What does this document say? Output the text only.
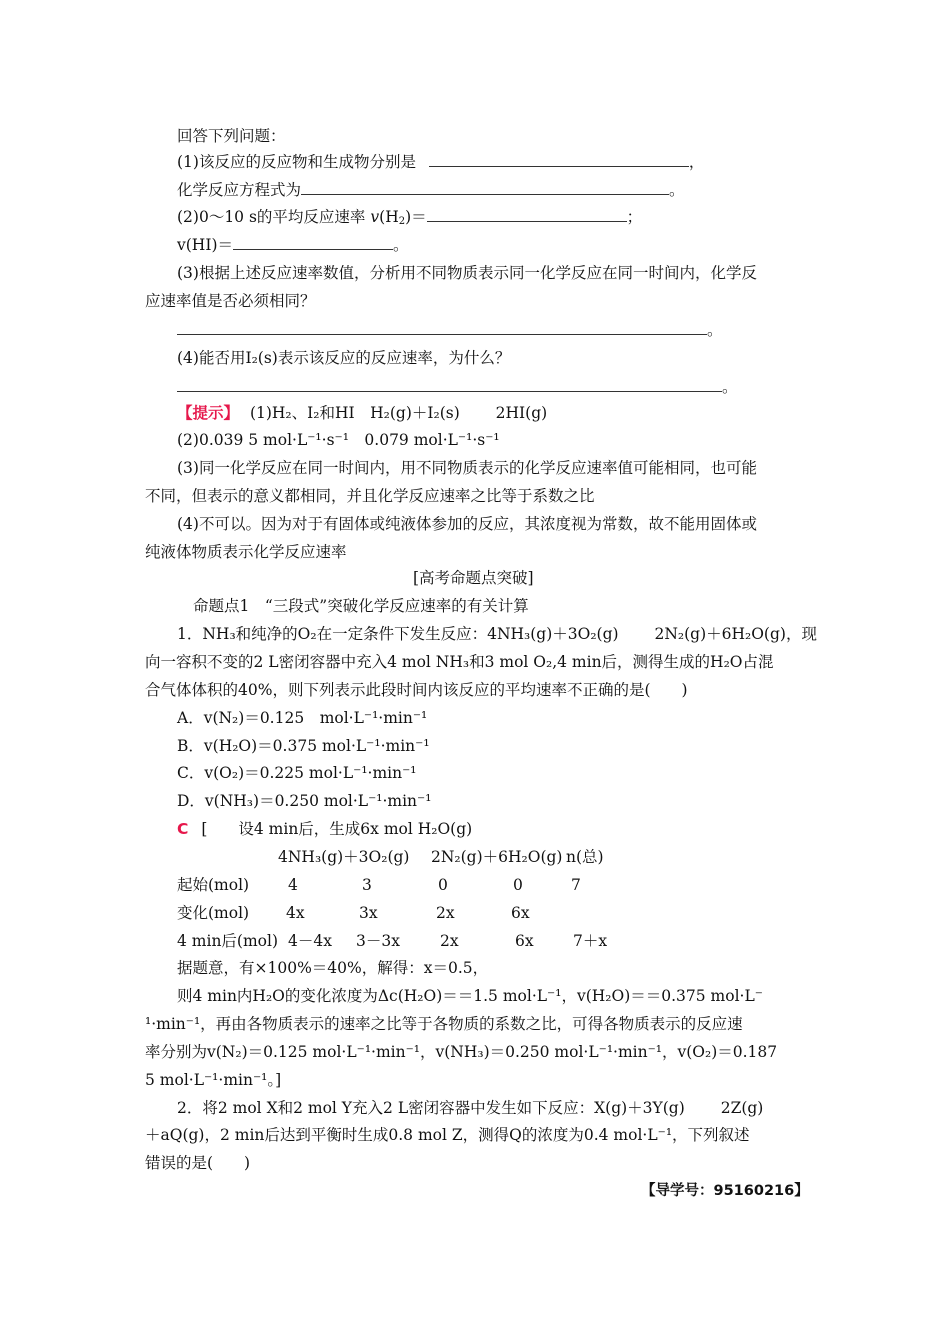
回答下列问题：
(1)该反应的反应物和生成物分别是	，
化学反应方程式为	。
(2)0～10 s的平均反应速率 $v(H_2)=$	；
v(HI)＝	。
(3)根据上述反应速率数值，分析用不同物质表示同一化学反应在同一时间内，化学反
应速率值是否必须相同？
。
(4)能否用I₂(s)表示该反应的反应速率，为什么？
。
【提示】 (1)H₂、I₂和HI　H₂(g)＋I₂(s)　　 2HI(g)
(2)0.039 5 mol·L⁻¹·s⁻¹　0.079 mol·L⁻¹·s⁻¹
(3)同一化学反应在同一时间内，用不同物质表示的化学反应速率值可能相同，也可能
不同，但表示的意义都相同，并且化学反应速率之比等于系数之比
(4)不可以。因为对于有固体或纯液体参加的反应，其浓度视为常数，故不能用固体或
纯液体物质表示化学反应速率
[高考命题点突破]
命题点1　“三段式”突破化学反应速率的有关计算
1．NH₃和纯净的O₂在一定条件下发生反应：4NH₃(g)＋3O₂(g)　　 2N₂(g)＋6H₂O(g)，现
向一容积不变的2 L密闭容器中充入4 mol NH₃和3 mol O₂,4 min后，测得生成的H₂O占混
合气体体积的40%，则下列表示此段时间内该反应的平均速率不正确的是(　　)
A．v(N₂)＝0.125　mol·L⁻¹·min⁻¹
B．v(H₂O)＝0.375 mol·L⁻¹·min⁻¹
C．v(O₂)＝0.225 mol·L⁻¹·min⁻¹
D．v(NH₃)＝0.250 mol·L⁻¹·min⁻¹
C [　　设4 min后，生成6x mol H₂O(g)
4NH₃(g)＋3O₂(g) 2N₂(g)＋6H₂O(g) n(总)
起始(mol)	4	3	0	0	7
变化(mol) 4x	3x	2x	6x
4 min后(mol) 4－4x 3－3x	2x	6x	7＋x
据题意，有×100%＝40%，解得：x＝0.5，
则4 min内H₂O的变化浓度为Δc(H₂O)＝＝1.5 mol·L⁻¹，v(H₂O)＝＝0.375 mol·L⁻
¹·min⁻¹，再由各物质表示的速率之比等于各物质的系数之比，可得各物质表示的反应速
率分别为v(N₂)＝0.125 mol·L⁻¹·min⁻¹，v(NH₃)＝0.250 mol·L⁻¹·min⁻¹，v(O₂)＝0.187
5 mol·L⁻¹·min⁻¹。]
2．将2 mol X和2 mol Y充入2 L密闭容器中发生如下反应：X(g)＋3Y(g)　　 2Z(g)
＋aQ(g)，2 min后达到平衡时生成0.8 mol Z，测得Q的浓度为0.4 mol·L⁻¹，下列叙述
错误的是(　　)
【导学号：95160216】
